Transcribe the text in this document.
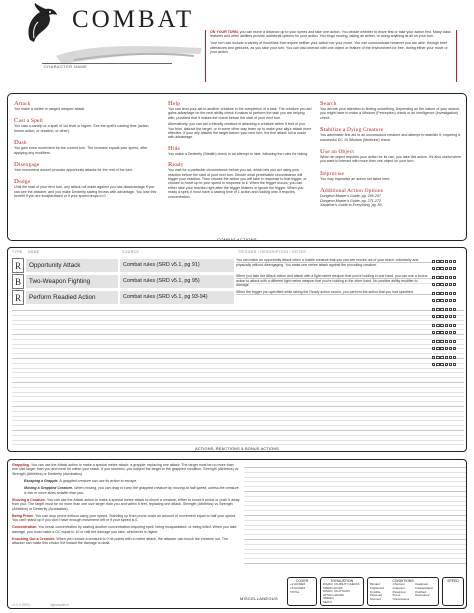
COMBAT
CHARACTER NAME

ON YOUR TURN, you can move a distance up to your speed and take one action. You decide whether to move first or take your action first. Many class features and other abilities provide additional options for your action. You forgo moving, taking an action, or doing anything at all on your turn.

Your turn can include a variety of flourishes that require neither your action nor your move. You can communicate however you are able, through brief utterances and gestures, as you take your turn. You can also interact with one object or feature of the environment for free, during either your move or your action.

Attack
You make a melee or ranged weapon attack.
Cast a Spell
You cast a cantrip or a spell of 1st level or higher. See the spell's casting time (action, bonus action, or reaction, or other).
Dash
You gain extra movement for the current turn. The increase equals your speed, after applying any modifiers.
Disengage
Your movement doesn't provoke opportunity attacks for the rest of the turn.
Dodge
Until the start of your next turn, any attack roll made against you has disadvantage if you can see the attacker, and you make Dexterity saving throws with advantage. You lose this benefit if you are incapacitated or if your speed drops to 0.
Help
You can lend your aid to another creature in the completion of a task. The creature you aid gains advantage on the next ability check it makes to perform the task you are helping with, provided that it makes the check before the start of your next turn.
Alternatively, you can aid a friendly creature in attacking a creature within 5 feet of you. You feint, distract the target, or in some other way team up to make your ally's attack more effective. If your ally attacks the target before your next turn, the first attack roll is made with advantage.
Hide
You make a Dexterity (Stealth) check in an attempt to hide, following the rules for hiding.
Ready
You wait for a particular circumstance before you act, which lets you act using your reaction before the start of your next turn. Decide what perceivable circumstance will trigger your reaction. Then choose the action you will take in response to that trigger, or choose to move up to your speed in response to it. When the trigger occurs, you can either take your reaction right after the trigger finishes or ignore the trigger. When you ready a spell, it must have a casting time of 1 action and holding onto it requires concentration.
Search
You devote your attention to finding something. Depending on the nature of your search, you might have to make a Wisdom (Perception) check or an Intelligence (Investigation) check.
Stabilize a Dying Creature
You administer first aid to an unconscious creature and attempt to stabilize it, requiring a successful DC 10 Wisdom (Medicine) check.
Use an Object
When an object requires your action for its use, you take this action. It's also useful when you want to interact with more than one object on your turn.
Improvise
You may improvise an action not listed here.
Additional Action Options
Dungeon Master's Guide, pg. 266-267
Dungeon Master's Guide, pg. 271-272
Xanathar's Guide to Everything, pg. 85
COMBAT ACTIONS
TYPE NAME	SOURCE	TRIGGER / DESCRIPTION / NOTES
R	Opportunity Attack	Combat rules (SRD v5.1, pg 91)
You can make an opportunity attack when a hostile creature that you can see moves out of your reach. voluntarily and physically without disengaging. You make one melee attack against the provoking creature.
B	Two-Weapon Fighting	Combat rules (SRD v5.1, pg 95)
When you take the Attack action and attack with a light melee weapon that you're holding in one hand, you can use a bonus action to attack with a different light melee weapon that you're holding in the other hand. No positive ability modifier to damage.
R	Perform Readied Action	Combat rules (SRD v5.1, pg 93-94)
When the trigger you specified while taking the Ready action occurs, you perform the action that you had specified.
ACTIONS, REACTIONS & BONUS ACTIONS

Grappling. You can use the Attack action to make a special melee attack, a grapple, replacing one attack. The target must be no more than one size larger than you and must be within your reach. If you succeed, you subject the target to the grappled condition. Strength (Athletics) vs Strength (Athletics) or Dexterity (Acrobatics).

Escaping a Grapple. A grappled creature can use its action to escape.

Moving a Grappled Creature. When moving, you can drag or carry the grappled creature by moving at half speed, unless the creature is two or more sizes smaller than you.

Shoving a Creature. You can use the Attack action to make a special melee attack to shove a creature, either to knock it prone or push it away from you. The target must be no more than one size larger than you and within 5 feet, replacing one attack. Strength (Athletics) vs Strength (Athletics) or Dexterity (Acrobatics).

Being Prone. You can drop prone without using your speed. Standing up from prone costs an amount of movement equal to half your speed. You can't stand up if you don't have enough movement left or if your speed is 0.

Concentration. You break concentration by casting another concentration-requiring spell, being incapacitated, or being killed. When you take damage, you must make a DC equal to 10 or half the damage you take, whichever is higher.

Knocking Out a Creature. When you reduce a creature to 0 hit points with a melee attack, the attacker can knock the creature out. The attacker can make this choice the instant the damage is dealt.

MISCELLANEOUS
COVER
+2 AC/DEX
+5 AC/DEX
TOTAL
EXHAUSTION
DISADV. ON ABILITY CHECKS
SPEED HALVED
DISADV. ON ATTACKS
HP MAX HALVED
SPEED 0
DEATH
CONDITIONS
Blinded	Charmed	Deafened
Frightened	Grappled	Incapacitated
Invisible	Paralyzed	Petrified
Poisoned	Prone	Restrained
Stunned	Unconscious
SPEED
v1.0.2 (RED)	highway8rich
